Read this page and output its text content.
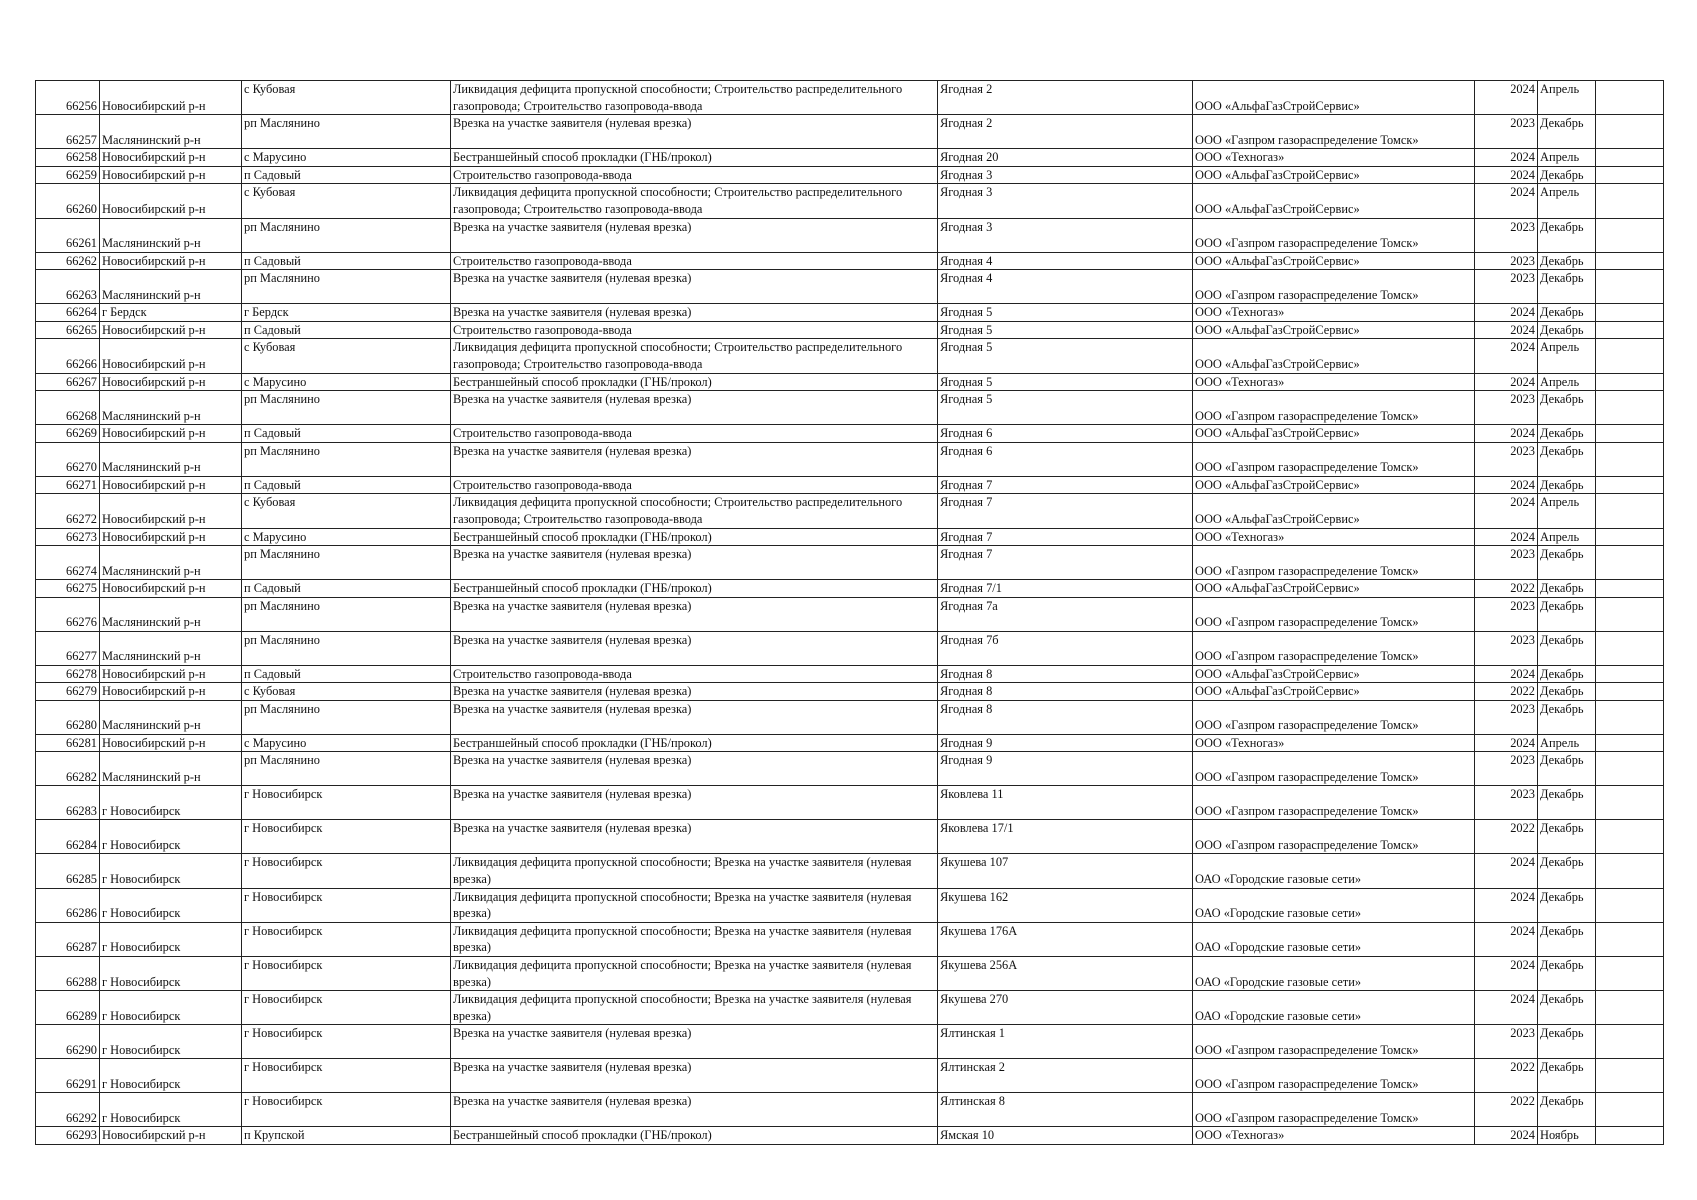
66256	Новосибирский р-н	с Кубовая	Ликвидация дефицита пропускной способности; Строительство распределительного газопровода; Строительство газопровода-ввода	Ягодная 2	ООО «АльфаГазСтройСервис»	2024	Апрель	
66257	Маслянинский р-н	рп Маслянино	Врезка на участке заявителя (нулевая врезка)	Ягодная 2	ООО «Газпром газораспределение Томск»	2023	Декабрь	
66258	Новосибирский р-н	с Марусино	Бестраншейный способ прокладки (ГНБ/прокол)	Ягодная 20	ООО «Техногаз»	2024	Апрель	
66259	Новосибирский р-н	п Садовый	Строительство газопровода-ввода	Ягодная 3	ООО «АльфаГазСтройСервис»	2024	Декабрь	
66260	Новосибирский р-н	с Кубовая	Ликвидация дефицита пропускной способности; Строительство распределительного газопровода; Строительство газопровода-ввода	Ягодная 3	ООО «АльфаГазСтройСервис»	2024	Апрель	
66261	Маслянинский р-н	рп Маслянино	Врезка на участке заявителя (нулевая врезка)	Ягодная 3	ООО «Газпром газораспределение Томск»	2023	Декабрь	
66262	Новосибирский р-н	п Садовый	Строительство газопровода-ввода	Ягодная 4	ООО «АльфаГазСтройСервис»	2023	Декабрь	
66263	Маслянинский р-н	рп Маслянино	Врезка на участке заявителя (нулевая врезка)	Ягодная 4	ООО «Газпром газораспределение Томск»	2023	Декабрь	
66264	г Бердск	г Бердск	Врезка на участке заявителя (нулевая врезка)	Ягодная 5	ООО «Техногаз»	2024	Декабрь	
66265	Новосибирский р-н	п Садовый	Строительство газопровода-ввода	Ягодная 5	ООО «АльфаГазСтройСервис»	2024	Декабрь	
66266	Новосибирский р-н	с Кубовая	Ликвидация дефицита пропускной способности; Строительство распределительного газопровода; Строительство газопровода-ввода	Ягодная 5	ООО «АльфаГазСтройСервис»	2024	Апрель	
66267	Новосибирский р-н	с Марусино	Бестраншейный способ прокладки (ГНБ/прокол)	Ягодная 5	ООО «Техногаз»	2024	Апрель	
66268	Маслянинский р-н	рп Маслянино	Врезка на участке заявителя (нулевая врезка)	Ягодная 5	ООО «Газпром газораспределение Томск»	2023	Декабрь	
66269	Новосибирский р-н	п Садовый	Строительство газопровода-ввода	Ягодная 6	ООО «АльфаГазСтройСервис»	2024	Декабрь	
66270	Маслянинский р-н	рп Маслянино	Врезка на участке заявителя (нулевая врезка)	Ягодная 6	ООО «Газпром газораспределение Томск»	2023	Декабрь	
66271	Новосибирский р-н	п Садовый	Строительство газопровода-ввода	Ягодная 7	ООО «АльфаГазСтройСервис»	2024	Декабрь	
66272	Новосибирский р-н	с Кубовая	Ликвидация дефицита пропускной способности; Строительство распределительного газопровода; Строительство газопровода-ввода	Ягодная 7	ООО «АльфаГазСтройСервис»	2024	Апрель	
66273	Новосибирский р-н	с Марусино	Бестраншейный способ прокладки (ГНБ/прокол)	Ягодная 7	ООО «Техногаз»	2024	Апрель	
66274	Маслянинский р-н	рп Маслянино	Врезка на участке заявителя (нулевая врезка)	Ягодная 7	ООО «Газпром газораспределение Томск»	2023	Декабрь	
66275	Новосибирский р-н	п Садовый	Бестраншейный способ прокладки (ГНБ/прокол)	Ягодная 7/1	ООО «АльфаГазСтройСервис»	2022	Декабрь	
66276	Маслянинский р-н	рп Маслянино	Врезка на участке заявителя (нулевая врезка)	Ягодная 7а	ООО «Газпром газораспределение Томск»	2023	Декабрь	
66277	Маслянинский р-н	рп Маслянино	Врезка на участке заявителя (нулевая врезка)	Ягодная 7б	ООО «Газпром газораспределение Томск»	2023	Декабрь	
66278	Новосибирский р-н	п Садовый	Строительство газопровода-ввода	Ягодная 8	ООО «АльфаГазСтройСервис»	2024	Декабрь	
66279	Новосибирский р-н	с Кубовая	Врезка на участке заявителя (нулевая врезка)	Ягодная 8	ООО «АльфаГазСтройСервис»	2022	Декабрь	
66280	Маслянинский р-н	рп Маслянино	Врезка на участке заявителя (нулевая врезка)	Ягодная 8	ООО «Газпром газораспределение Томск»	2023	Декабрь	
66281	Новосибирский р-н	с Марусино	Бестраншейный способ прокладки (ГНБ/прокол)	Ягодная 9	ООО «Техногаз»	2024	Апрель	
66282	Маслянинский р-н	рп Маслянино	Врезка на участке заявителя (нулевая врезка)	Ягодная 9	ООО «Газпром газораспределение Томск»	2023	Декабрь	
66283	г Новосибирск	г Новосибирск	Врезка на участке заявителя (нулевая врезка)	Яковлева 11	ООО «Газпром газораспределение Томск»	2023	Декабрь	
66284	г Новосибирск	г Новосибирск	Врезка на участке заявителя (нулевая врезка)	Яковлева 17/1	ООО «Газпром газораспределение Томск»	2022	Декабрь	
66285	г Новосибирск	г Новосибирск	Ликвидация дефицита пропускной способности; Врезка на участке заявителя (нулевая врезка)	Якушева 107	ОАО «Городские газовые сети»	2024	Декабрь	
66286	г Новосибирск	г Новосибирск	Ликвидация дефицита пропускной способности; Врезка на участке заявителя (нулевая врезка)	Якушева 162	ОАО «Городские газовые сети»	2024	Декабрь	
66287	г Новосибирск	г Новосибирск	Ликвидация дефицита пропускной способности; Врезка на участке заявителя (нулевая врезка)	Якушева 176А	ОАО «Городские газовые сети»	2024	Декабрь	
66288	г Новосибирск	г Новосибирск	Ликвидация дефицита пропускной способности; Врезка на участке заявителя (нулевая врезка)	Якушева 256А	ОАО «Городские газовые сети»	2024	Декабрь	
66289	г Новосибирск	г Новосибирск	Ликвидация дефицита пропускной способности; Врезка на участке заявителя (нулевая врезка)	Якушева 270	ОАО «Городские газовые сети»	2024	Декабрь	
66290	г Новосибирск	г Новосибирск	Врезка на участке заявителя (нулевая врезка)	Ялтинская 1	ООО «Газпром газораспределение Томск»	2023	Декабрь	
66291	г Новосибирск	г Новосибирск	Врезка на участке заявителя (нулевая врезка)	Ялтинская 2	ООО «Газпром газораспределение Томск»	2022	Декабрь	
66292	г Новосибирск	г Новосибирск	Врезка на участке заявителя (нулевая врезка)	Ялтинская 8	ООО «Газпром газораспределение Томск»	2022	Декабрь	
66293	Новосибирский р-н	п Крупской	Бестраншейный способ прокладки (ГНБ/прокол)	Ямская 10	ООО «Техногаз»	2024	Ноябрь	
